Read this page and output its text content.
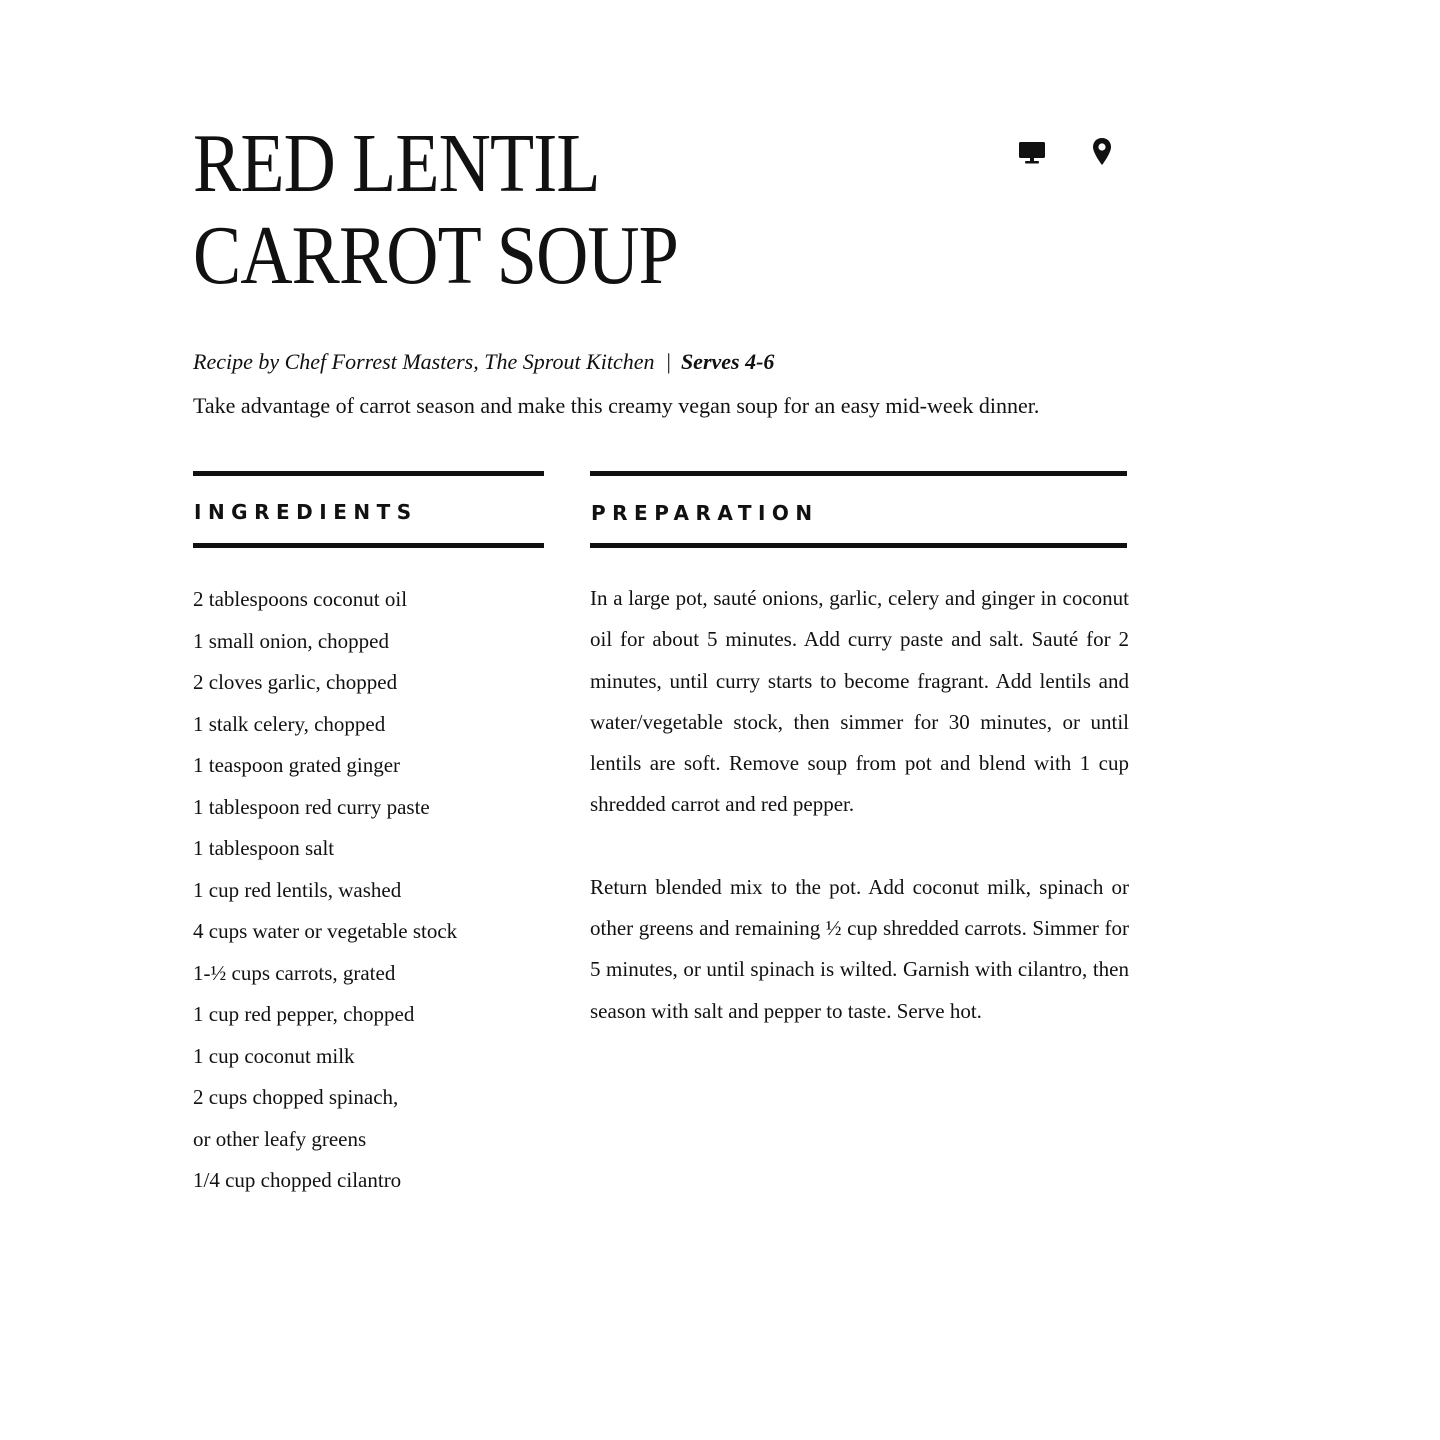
RED LENTIL
CARROT SOUP
Recipe by Chef Forrest Masters, The Sprout Kitchen | Serves 4-6
Take advantage of carrot season and make this creamy vegan soup for an easy mid-week dinner.
INGREDIENTS	PREPARATION
2 tablespoons coconut oil
1 small onion, chopped
2 cloves garlic, chopped
1 stalk celery, chopped
1 teaspoon grated ginger
1 tablespoon red curry paste
1 tablespoon salt
1 cup red lentils, washed
4 cups water or vegetable stock
1-½ cups carrots, grated
1 cup red pepper, chopped
1 cup coconut milk
2 cups chopped spinach,
or other leafy greens
1/4 cup chopped cilantro

In a large pot, sauté onions, garlic, celery and ginger in coconut oil for about 5 minutes. Add curry paste and salt. Sauté for 2 minutes, until curry starts to become fragrant. Add lentils and water/vegetable stock, then simmer for 30 minutes, or until lentils are soft. Remove soup from pot and blend with 1 cup shredded carrot and red pepper.

Return blended mix to the pot. Add coconut milk, spinach or other greens and remaining ½ cup shredded carrots. Simmer for 5 minutes, or until spinach is wilted. Garnish with cilantro, then season with salt and pepper to taste. Serve hot.
